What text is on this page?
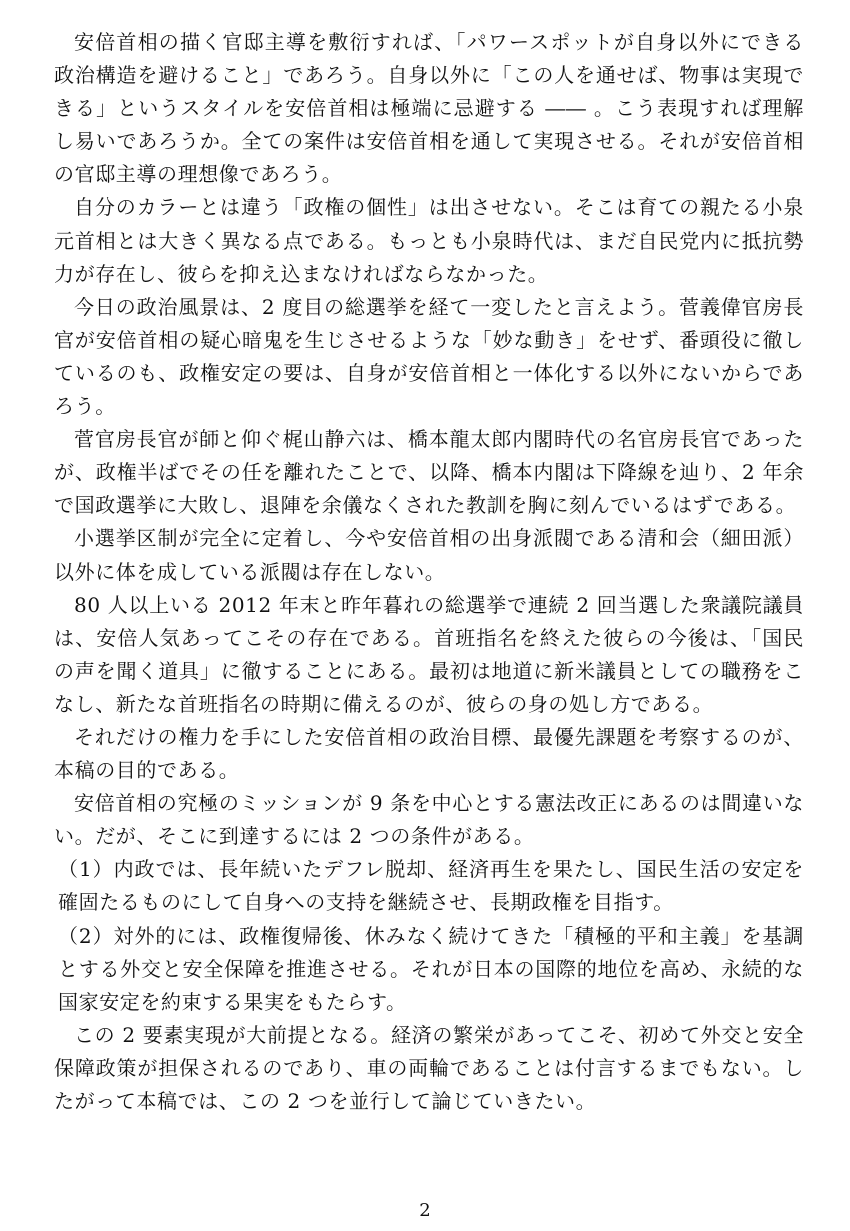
安倍首相の描く官邸主導を敷衍すれば、「パワースポットが自身以外にできる政治構造を避けること」であろう。自身以外に「この人を通せば、物事は実現できる」というスタイルを安倍首相は極端に忌避する ―― 。こう表現すれば理解し易いであろうか。全ての案件は安倍首相を通して実現させる。それが安倍首相の官邸主導の理想像であろう。

自分のカラーとは違う「政権の個性」は出させない。そこは育ての親たる小泉元首相とは大きく異なる点である。もっとも小泉時代は、まだ自民党内に抵抗勢力が存在し、彼らを抑え込まなければならなかった。

今日の政治風景は、2 度目の総選挙を経て一変したと言えよう。菅義偉官房長官が安倍首相の疑心暗鬼を生じさせるような「妙な動き」をせず、番頭役に徹しているのも、政権安定の要は、自身が安倍首相と一体化する以外にないからであろう。

菅官房長官が師と仰ぐ梶山静六は、橋本龍太郎内閣時代の名官房長官であったが、政権半ばでその任を離れたことで、以降、橋本内閣は下降線を辿り、2 年余で国政選挙に大敗し、退陣を余儀なくされた教訓を胸に刻んでいるはずである。

小選挙区制が完全に定着し、今や安倍首相の出身派閥である清和会（細田派）以外に体を成している派閥は存在しない。

80 人以上いる 2012 年末と昨年暮れの総選挙で連続 2 回当選した衆議院議員は、安倍人気あってこその存在である。首班指名を終えた彼らの今後は、「国民の声を聞く道具」に徹することにある。最初は地道に新米議員としての職務をこなし、新たな首班指名の時期に備えるのが、彼らの身の処し方である。

それだけの権力を手にした安倍首相の政治目標、最優先課題を考察するのが、本稿の目的である。

安倍首相の究極のミッションが 9 条を中心とする憲法改正にあるのは間違いない。だが、そこに到達するには 2 つの条件がある。

（1）内政では、長年続いたデフレ脱却、経済再生を果たし、国民生活の安定を確固たるものにして自身への支持を継続させ、長期政権を目指す。

（2）対外的には、政権復帰後、休みなく続けてきた「積極的平和主義」を基調とする外交と安全保障を推進させる。それが日本の国際的地位を高め、永続的な国家安定を約束する果実をもたらす。

この 2 要素実現が大前提となる。経済の繁栄があってこそ、初めて外交と安全保障政策が担保されるのであり、車の両輪であることは付言するまでもない。したがって本稿では、この 2 つを並行して論じていきたい。

2
